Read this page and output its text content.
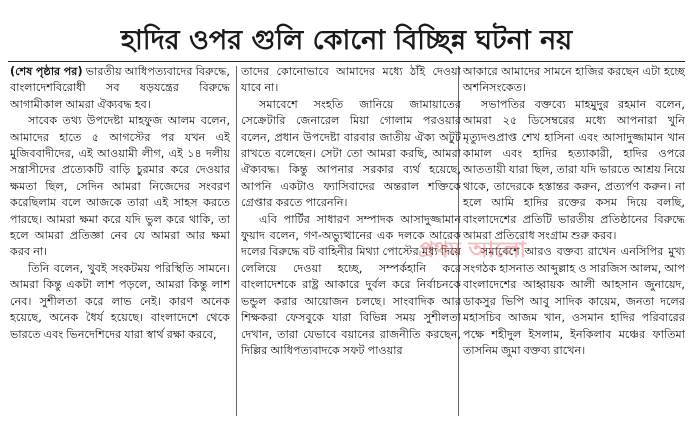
হাদির ওপর গুলি কোনো বিচ্ছিন্ন ঘটনা নয়

(শেষ পৃষ্ঠার পর) ভারতীয় আধিপত্যবাদের বিরুদ্ধে, বাংলাদেশবিরোধী সব ষড়যন্ত্রের বিরুদ্ধে আগামীকাল আমরা ঐক্যবদ্ধ হব।

সাবেক তথ্য উপদেষ্টা মাহফুজ আলম বলেন, আমাদের হাতে ৫ আগস্টের পর যখন এই মুজিববাদীদের, এই আওয়ামী লীগ, এই ১৪ দলীয় সন্ত্রাসীদের প্রত্যেকটি বাড়ি চুরমার করে দেওয়ার ক্ষমতা ছিল, সেদিন আমরা নিজেদের সংবরণ করেছিলাম বলে আজকে তারা এই সাহস করতে পারছে। আমরা ক্ষমা করে যদি ভুল করে থাকি, তা হলে আমরা প্রতিজ্ঞা নেব যে আমরা আর ক্ষমা করব না।

তিনি বলেন, খুবই সংকটময় পরিস্থিতি সামনে। আমরা কিন্তু একটা লাশ পড়লে, আমরা কিন্তু লাশ নেব। সুশীলতা করে লাভ নেই। কারণ অনেক হয়েছে, অনেক ধৈর্য হয়েছে। বাংলাদেশে থেকে ভারতে এবং ভিনদেশিদের যারা স্বার্থ রক্ষা করবে,

তাদের কোনোভাবে আমাদের মধ্যে ঠাঁই দেওয়া যাবে না।

সমাবেশে সংহতি জানিয়ে জামায়াতের সেক্রেটারি জেনারেল মিয়া গোলাম পরওয়ার বলেন, প্রধান উপদেষ্টা বারবার জাতীয় ঐক্য অটুট রাখতে বলেছেন। সেটা তো আমরা করছি, আমরা ঐক্যবদ্ধ। কিন্তু আপনার সরকার ব্যর্থ হয়েছে, আপনি একটাও ফ্যাসিবাদের অন্তরাল শক্তিকে গ্রেপ্তার করতে পারেননি।

এবি পার্টির সাধারণ সম্পাদক আসাদুজ্জামান ফুয়াদ বলেন, গণ-অভ্যুত্থানের এক দলকে আরেক দলের বিরুদ্ধে বট বাহিনীর মিথ্যা পোস্টের মধ্য দিয়ে লেলিয়ে দেওয়া হচ্ছে, সম্পর্কহানি করে বাংলাদেশকে রাষ্ট্র আকারে দুর্বল করে নির্বাচনকে ভন্ডুল করার আয়োজন চলছে। সাংবাদিক আর শিক্ষকরা ফেসবুকে যারা বিভিন্ন সময় সুশীলতা দেখান, তারা যেভাবে বয়ানের রাজনীতি করছেন, দিল্লির আধিপত্যবাদকে সফট পাওয়ার

আকারে আমাদের সামনে হাজির করছেন এটা হচ্ছে অশনিসংকেত।

সভাপতির বক্তব্যে মাহমুদুর রহমান বলেন, আমরা ২৫ ডিসেম্বরের মধ্যে আপনারা খুনি মৃত্যুদণ্ডপ্রাপ্ত শেখ হাসিনা এবং আসাদুজ্জামান খান কামাল এবং হাদির হত্যাকারী, হাদির ওপরে আততায়ী যারা ছিল, তারা যদি ভারতে আশ্রয় নিয়ে থাকে, তাদেরকে হস্তান্তর করুন, প্রত্যর্পণ করুন। না হলে আমি হাদির রক্তের কসম দিয়ে বলছি, বাংলাদেশের প্রতিটি ভারতীয় প্রতিষ্ঠানের বিরুদ্ধে আমরা প্রতিরোধ সংগ্রাম শুরু করব।

সমাবেশে আরও বক্তব্য রাখেন এনসিপির মুখ্য সংগঠক হাসনাত আব্দুল্লাহ ও সারজিস আলম, আপ বাংলাদেশের আহ্বায়ক আলী আহসান জুনায়েদ, ডাকসুর ভিপি আবু সাদিক কায়েম, জনতা দলের মহাসচিব আজম খান, ওসমান হাদির পরিবারের পক্ষে শহীদুল ইসলাম, ইনকিলাব মঞ্চের ফাতিমা তাসনিম জুমা বক্তব্য রাখেন।

প্রথম আলো
